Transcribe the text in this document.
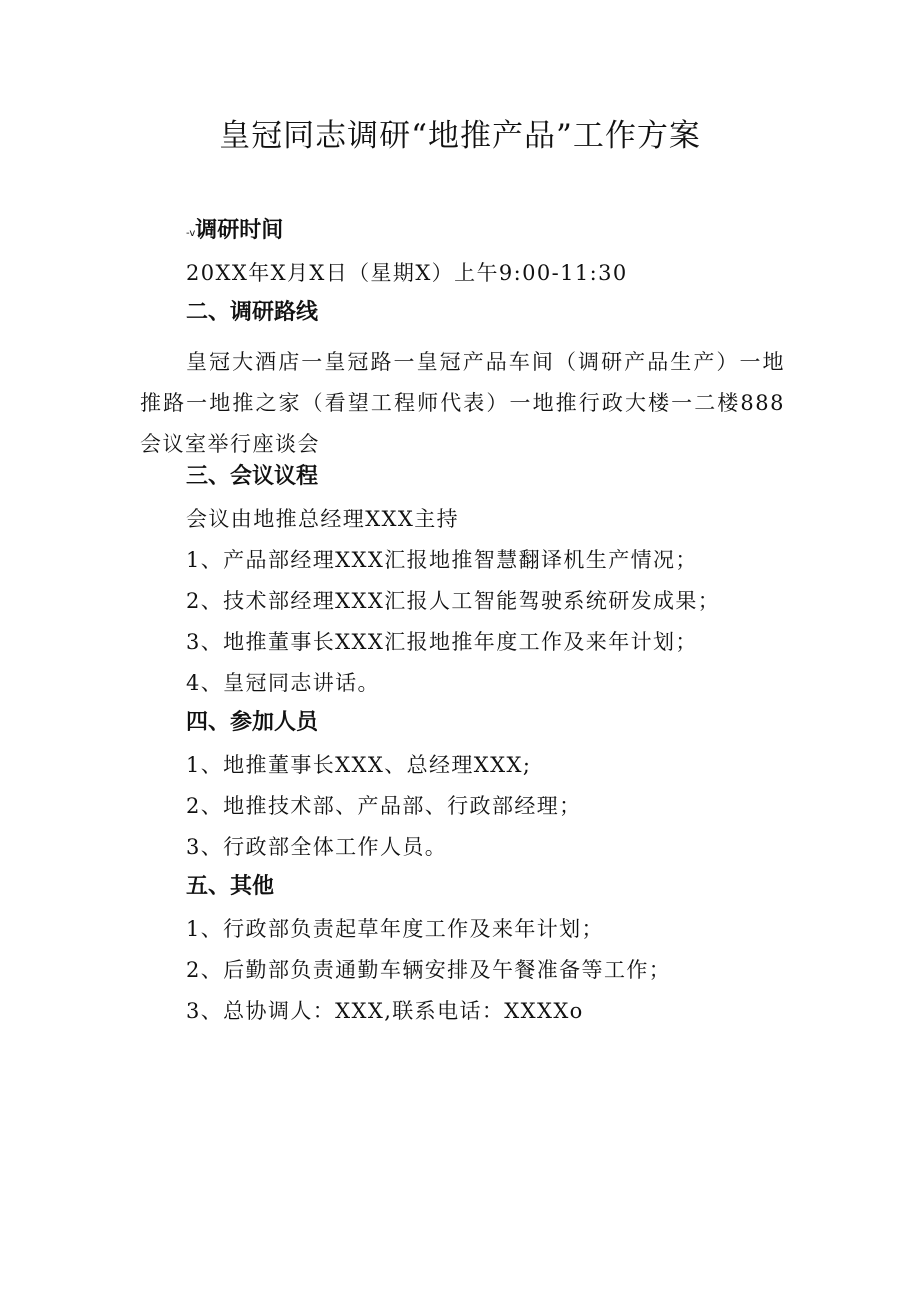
皇冠同志调研“地推产品”工作方案
-v调研时间
20XX年X月X日（星期X）上午9:00-11:30
二、调研路线

皇冠大酒店一皇冠路一皇冠产品车间（调研产品生产）一地推路一地推之家（看望工程师代表）一地推行政大楼一二楼888会议室举行座谈会

三、会议议程
会议由地推总经理XXX主持
1、产品部经理XXX汇报地推智慧翻译机生产情况；
2、技术部经理XXX汇报人工智能驾驶系统研发成果；
3、地推董事长XXX汇报地推年度工作及来年计划；
4、皇冠同志讲话。
四、参加人员
1、地推董事长XXX、总经理XXX;
2、地推技术部、产品部、行政部经理；
3、行政部全体工作人员。
五、其他
1、行政部负责起草年度工作及来年计划；
2、后勤部负责通勤车辆安排及午餐准备等工作；
3、总协调人：XXX,联系电话：XXXXo
